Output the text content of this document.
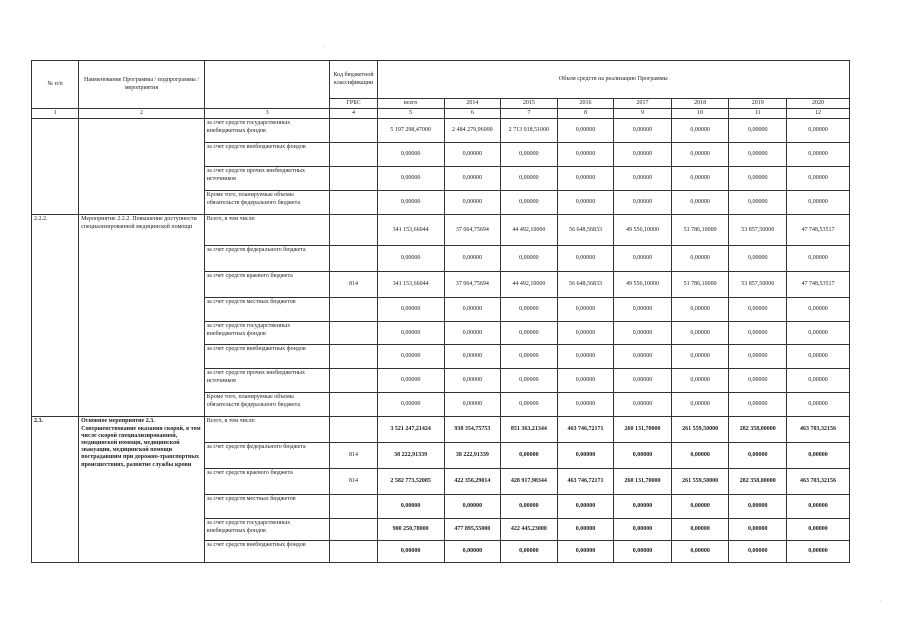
№ п/п	Наименование Программы / подпрограммы / мероприятия		Код бюджетной классификации	Объем средств на реализацию Программы							
			ГРБС	всего	2014	2015	2016	2017	2018	2019	2020
1	2	3	4	5	6	7	8	9	10	11	12
		за счет средств государственных внебюджетных фондов		5 197 298,47000	2 484 279,96000	2 713 018,51000	0,00000	0,00000	0,00000	0,00000	0,00000
		за счет средств внебюджетных фондов		0,00000	0,00000	0,00000	0,00000	0,00000	0,00000	0,00000	0,00000
		за счет средств прочих внебюджетных источников		0,00000	0,00000	0,00000	0,00000	0,00000	0,00000	0,00000	0,00000
		Кроме того, планируемые объемы обязательств федерального бюджета		0,00000	0,00000	0,00000	0,00000	0,00000	0,00000	0,00000	0,00000
2.2.2.	Мероприятие 2.2.2. Повышение доступности специализированной медицинской помощи	Всего, в том числе:		341 153,66044	37 064,75694	44 492,10000	56 648,56833	49 556,10000	51 786,10000	53 857,50000	47 748,53517
		за счет средств федерального бюджета		0,00000	0,00000	0,00000	0,00000	0,00000	0,00000	0,00000	0,00000
		за счет средств краевого бюджета	814	341 153,66044	37 064,75694	44 492,10000	56 648,56833	49 556,10000	51 786,10000	53 857,50000	47 748,53517
		за счет средств местных бюджетов		0,00000	0,00000	0,00000	0,00000	0,00000	0,00000	0,00000	0,00000
		за счет средств государственных внебюджетных фондов		0,00000	0,00000	0,00000	0,00000	0,00000	0,00000	0,00000	0,00000
		за счет средств внебюджетных фондов		0,00000	0,00000	0,00000	0,00000	0,00000	0,00000	0,00000	0,00000
		за счет средств прочих внебюджетных источников		0,00000	0,00000	0,00000	0,00000	0,00000	0,00000	0,00000	0,00000
		Кроме того, планируемые объемы обязательств федерального бюджета		0,00000	0,00000	0,00000	0,00000	0,00000	0,00000	0,00000	0,00000
2.3.	Основное мероприятие 2.3. Совершенствование оказания скорой, в том числе скорой специализированной, медицинской помощи, медицинской эвакуации, медицинской помощи пострадавшим при дорожно-транспортных происшествиях, развитие службы крови	Всего, в том числе:		3 521 247,21424	938 354,75753	851 363,21344	463 746,72171	260 131,70000	261 559,50000	282 358,00000	463 703,32156
		за счет средств федерального бюджета	814	38 222,91339	38 222,91339	0,00000	0,00000	0,00000	0,00000	0,00000	0,00000
		за счет средств краевого бюджета	814	2 582 773,52085	422 356,29014	428 917,98344	463 746,72171	260 131,70000	261 559,50000	282 358,00000	463 703,32156
		за счет средств местных бюджетов		0,00000	0,00000	0,00000	0,00000	0,00000	0,00000	0,00000	0,00000
		за счет средств государственных внебюджетных фондов		900 250,78000	477 895,55000	422 445,23000	0,00000	0,00000	0,00000	0,00000	0,00000
		за счет средств внебюджетных фондов		0,00000	0,00000	0,00000	0,00000	0,00000	0,00000	0,00000	0,00000
'
.
